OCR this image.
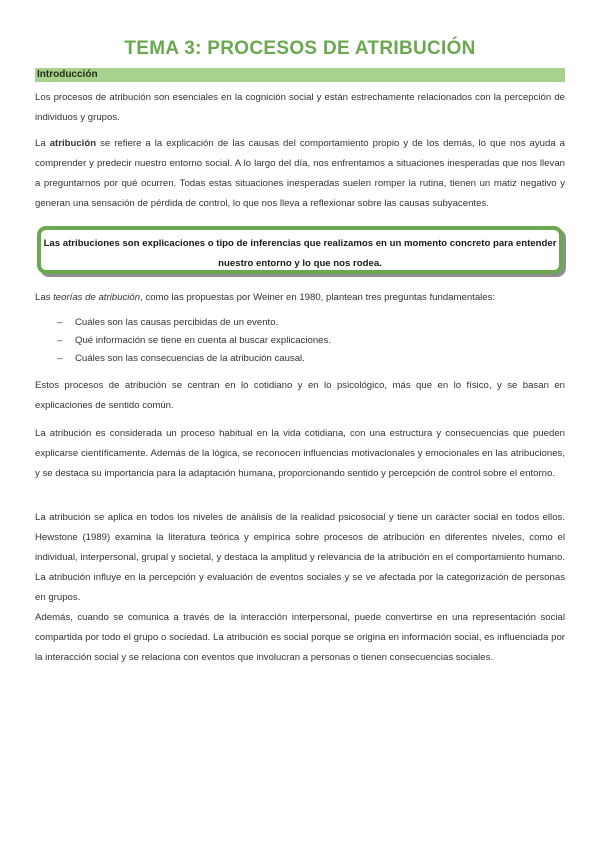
TEMA 3: PROCESOS DE ATRIBUCIÓN
Introducción

Los procesos de atribución son esenciales en la cognición social y están estrechamente relacionados con la percepción de individuos y grupos.

La atribución se refiere a la explicación de las causas del comportamiento propio y de los demás, lo que nos ayuda a comprender y predecir nuestro entorno social. A lo largo del día, nos enfrentamos a situaciones inesperadas que nos llevan a preguntarnos por qué ocurren. Todas estas situaciones inesperadas suelen romper la rutina, tienen un matiz negativo y generan una sensación de pérdida de control, lo que nos lleva a reflexionar sobre las causas subyacentes.

Las atribuciones son explicaciones o tipo de inferencias que realizamos en un momento concreto para entender nuestro entorno y lo que nos rodea.

Las teorías de atribución, como las propuestas por Weiner en 1980, plantean tres preguntas fundamentales:

– Cuáles son las causas percibidas de un evento.
– Qué información se tiene en cuenta al buscar explicaciones.
– Cuáles son las consecuencias de la atribución causal.

Estos procesos de atribución se centran en lo cotidiano y en lo psicológico, más que en lo físico, y se basan en explicaciones de sentido común.

La atribución es considerada un proceso habitual en la vida cotidiana, con una estructura y consecuencias que pueden explicarse científicamente. Además de la lógica, se reconocen influencias motivacionales y emocionales en las atribuciones, y se destaca su importancia para la adaptación humana, proporcionando sentido y percepción de control sobre el entorno.

La atribución se aplica en todos los niveles de análisis de la realidad psicosocial y tiene un carácter social en todos ellos. Hewstone (1989) examina la literatura teórica y empírica sobre procesos de atribución en diferentes niveles, como el individual, interpersonal, grupal y societal, y destaca la amplitud y relevancia de la atribución en el comportamiento humano. La atribución influye en la percepción y evaluación de eventos sociales y se ve afectada por la categorización de personas en grupos.

Además, cuando se comunica a través de la interacción interpersonal, puede convertirse en una representación social compartida por todo el grupo o sociedad. La atribución es social porque se origina en información social, es influenciada por la interacción social y se relaciona con eventos que involucran a personas o tienen consecuencias sociales.
